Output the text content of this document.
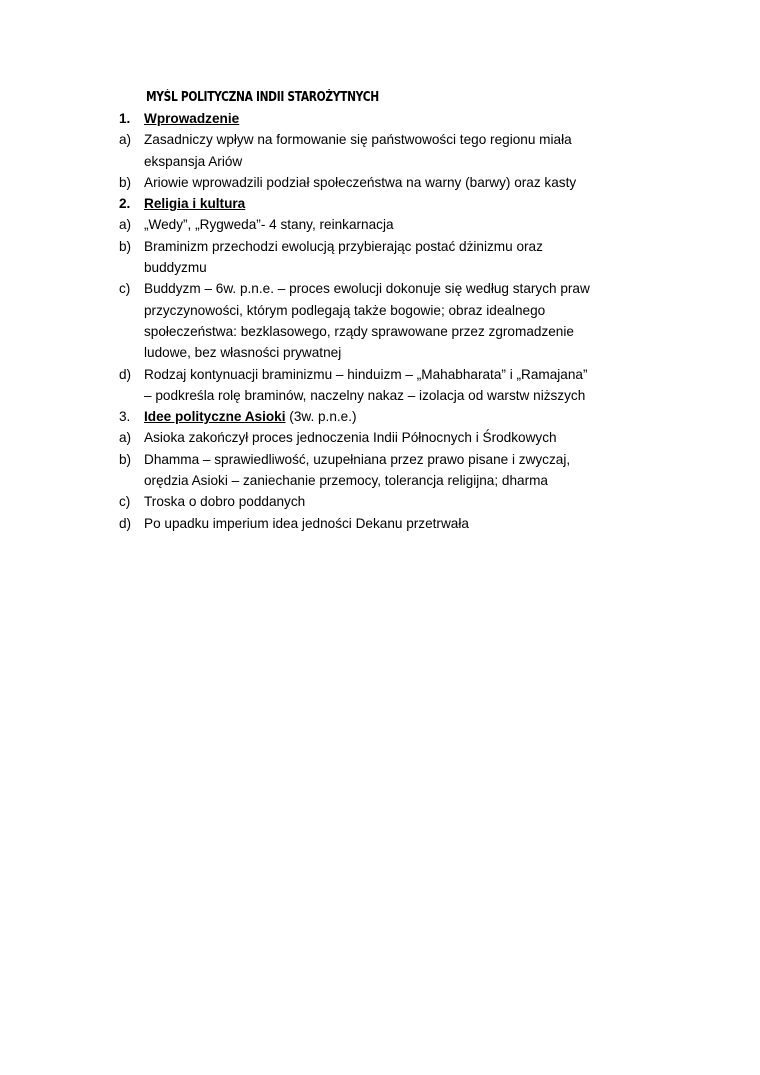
MYŚL POLITYCZNA INDII STAROŻYTNYCH
1. Wprowadzenie
a) Zasadniczy wpływ na formowanie się państwowości tego regionu miała
ekspansja Ariów
b) Ariowie wprowadzili podział społeczeństwa na warny (barwy) oraz kasty
2. Religia i kultura
a) „Wedy”, „Rygweda”- 4 stany, reinkarnacja
b) Braminizm przechodzi ewolucją przybierając postać dżinizmu oraz
buddyzmu
c) Buddyzm – 6w. p.n.e. – proces ewolucji dokonuje się według starych praw
przyczynowości, którym podlegają także bogowie; obraz idealnego
społeczeństwa: bezklasowego, rządy sprawowane przez zgromadzenie
ludowe, bez własności prywatnej
d) Rodzaj kontynuacji braminizmu – hinduizm – „Mahabharata” i „Ramajana”
– podkreśla rolę braminów, naczelny nakaz – izolacja od warstw niższych
3. Idee polityczne Asioki (3w. p.n.e.)
a) Asioka zakończył proces jednoczenia Indii Północnych i Środkowych
b) Dhamma – sprawiedliwość, uzupełniana przez prawo pisane i zwyczaj,
orędzia Asioki – zaniechanie przemocy, tolerancja religijna; dharma
c) Troska o dobro poddanych
d) Po upadku imperium idea jedności Dekanu przetrwała
